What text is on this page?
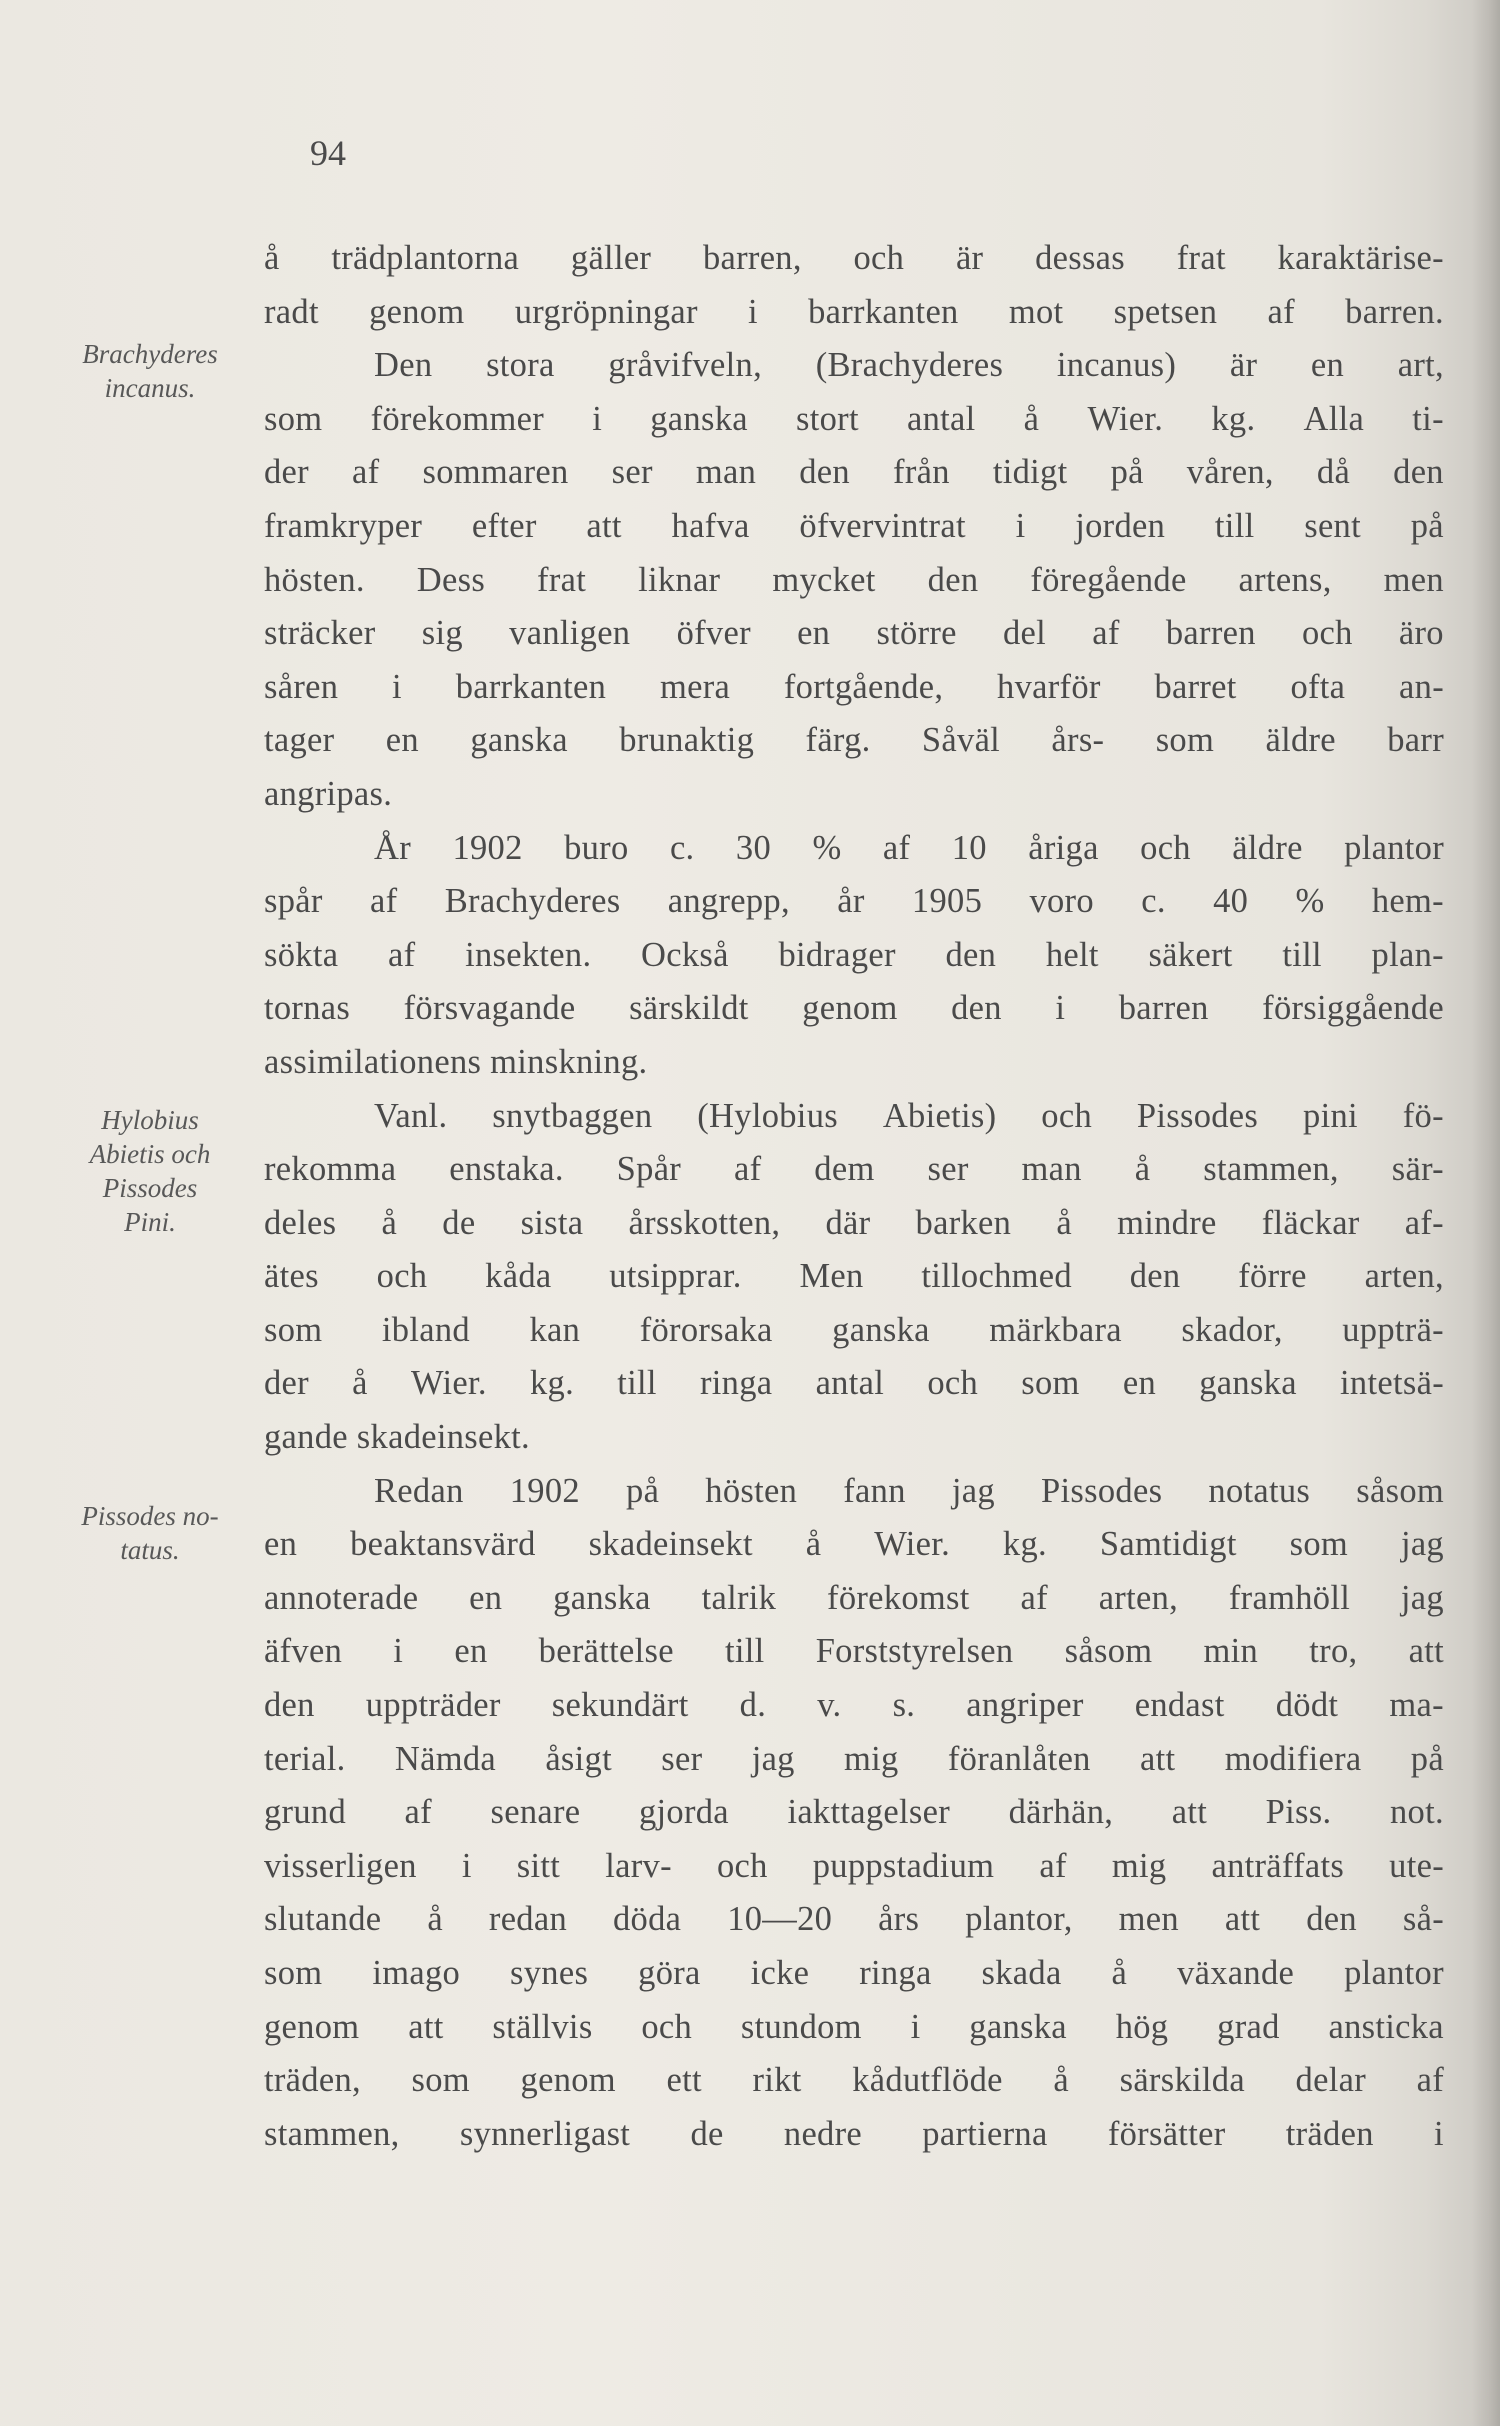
94
Brachyderes
incanus.
Hylobius
Abietis och
Pissodes
Pini.
Pissodes no-
tatus.
å trädplantorna gäller barren, och är dessas frat karaktärise-
radt genom urgröpningar i barrkanten mot spetsen af barren.
Den stora gråvifveln, (Brachyderes incanus) är en art,
som förekommer i ganska stort antal å Wier. kg. Alla ti-
der af sommaren ser man den från tidigt på våren, då den
framkryper efter att hafva öfvervintrat i jorden till sent på
hösten. Dess frat liknar mycket den föregående artens, men
sträcker sig vanligen öfver en större del af barren och äro
såren i barrkanten mera fortgående, hvarför barret ofta an-
tager en ganska brunaktig färg. Såväl års- som äldre barr
angripas.
År 1902 buro c. 30 % af 10 åriga och äldre plantor
spår af Brachyderes angrepp, år 1905 voro c. 40 % hem-
sökta af insekten. Också bidrager den helt säkert till plan-
tornas försvagande särskildt genom den i barren försiggående
assimilationens minskning.
Vanl. snytbaggen (Hylobius Abietis) och Pissodes pini fö-
rekomma enstaka. Spår af dem ser man å stammen, sär-
deles å de sista årsskotten, där barken å mindre fläckar af-
ätes och kåda utsipprar. Men tillochmed den förre arten,
som ibland kan förorsaka ganska märkbara skador, uppträ-
der å Wier. kg. till ringa antal och som en ganska intetsä-
gande skadeinsekt.
Redan 1902 på hösten fann jag Pissodes notatus såsom
en beaktansvärd skadeinsekt å Wier. kg. Samtidigt som jag
annoterade en ganska talrik förekomst af arten, framhöll jag
äfven i en berättelse till Forststyrelsen såsom min tro, att
den uppträder sekundärt d. v. s. angriper endast dödt ma-
terial. Nämda åsigt ser jag mig föranlåten att modifiera på
grund af senare gjorda iakttagelser därhän, att Piss. not.
visserligen i sitt larv- och puppstadium af mig anträffats ute-
slutande å redan döda 10—20 års plantor, men att den så-
som imago synes göra icke ringa skada å växande plantor
genom att ställvis och stundom i ganska hög grad ansticka
träden, som genom ett rikt kådutflöde å särskilda delar af
stammen, synnerligast de nedre partierna försätter träden i
